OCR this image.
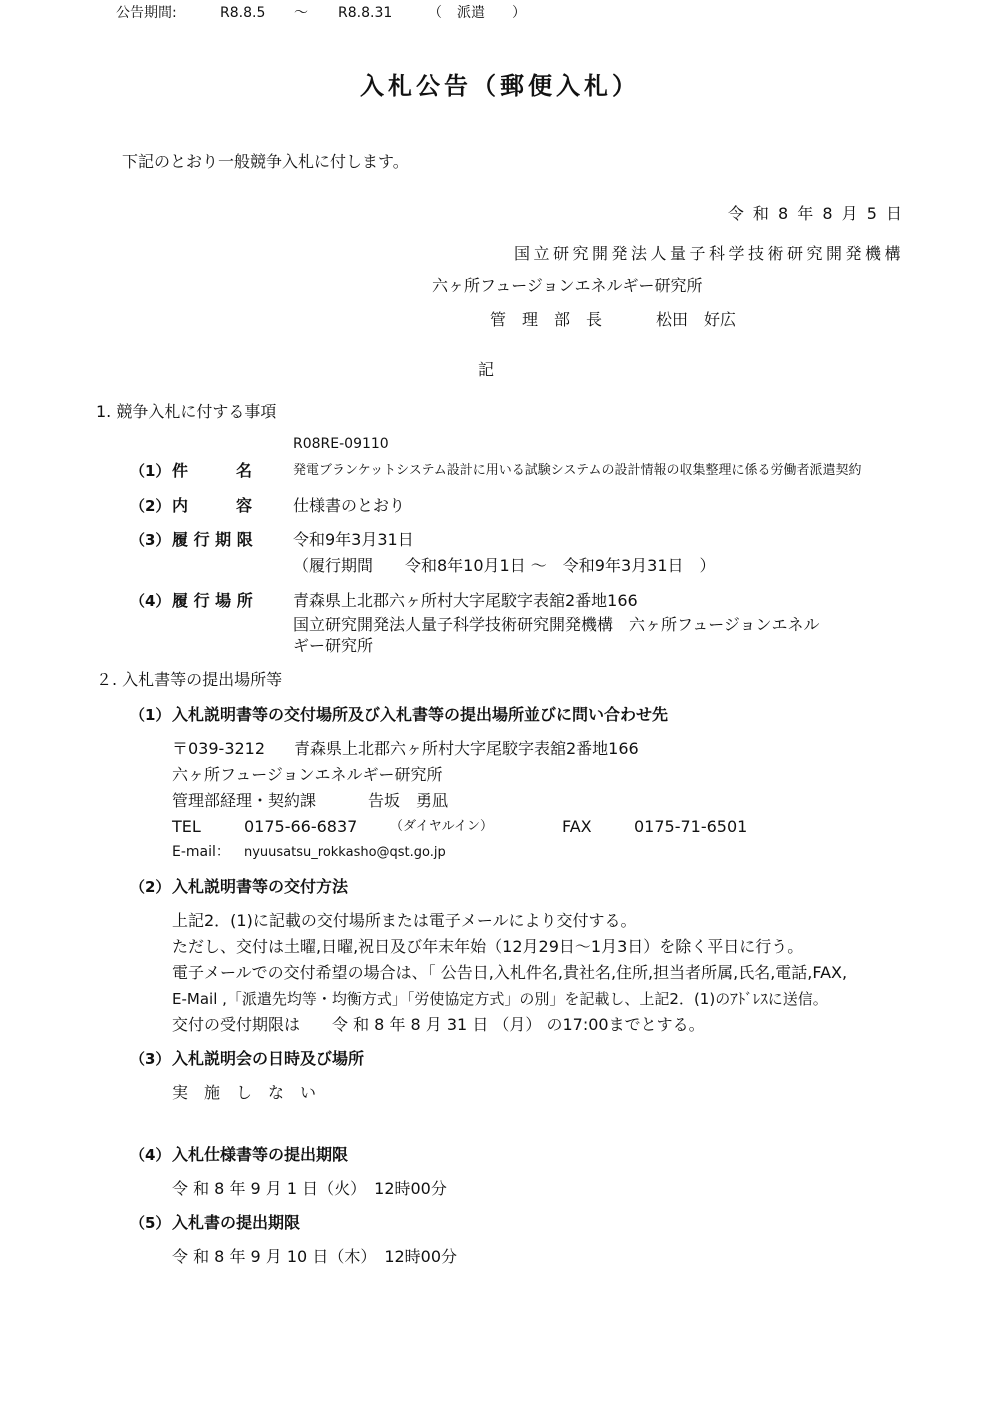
公告期間:	R8.8.5 ～ R8.8.31	（ 派遣 ）
入札公告（郵便入札）
下記のとおり一般競争入札に付します。
令 和 8 年 8 月 5 日
国立研究開発法人量子科学技術研究開発機構
六ヶ所フュージョンエネルギー研究所
管　理　部　長	松田　好広
記
1. 競争入札に付する事項
R08RE-09110
（1） 件　　　名	発電ブランケットシステム設計に用いる試験システムの設計情報の収集整理に係る労働者派遣契約
（2） 内　　　容	仕様書のとおり
（3） 履 行 期 限	令和9年3月31日
（履行期間　　令和8年10月1日 ～　令和9年3月31日　）
（4） 履 行 場 所	青森県上北郡六ヶ所村大字尾駮字表舘2番地166
国立研究開発法人量子科学技術研究開発機構　六ヶ所フュージョンエネル
ギー研究所
２. 入札書等の提出場所等
（1） 入札説明書等の交付場所及び入札書等の提出場所並びに問い合わせ先
〒039-3212 青森県上北郡六ヶ所村大字尾駮字表舘2番地166
六ヶ所フュージョンエネルギー研究所
管理部経理・契約課	告坂　勇凪
TEL	0175-66-6837	（ダイヤルイン）	FAX	0175-71-6501
E-mail： nyuusatsu_rokkasho@qst.go.jp
（2） 入札説明書等の交付方法
上記2．(1)に記載の交付場所または電子メールにより交付する。
ただし、交付は土曜,日曜,祝日及び年末年始（12月29日～1月3日）を除く平日に行う。
電子メールでの交付希望の場合は、「 公告日,入札件名,貴社名,住所,担当者所属,氏名,電話,FAX,
E-Mail ,「派遣先均等・均衡方式」「労使協定方式」の別」を記載し、上記2．(1)のｱﾄﾞﾚｽに送信。
交付の受付期限は　　令 和 8 年 8 月 31 日 （月） の17:00までとする。
（3） 入札説明会の日時及び場所
実　施　し　な　い
（4） 入札仕様書等の提出期限
令 和 8 年 9 月 1 日（火）　12時00分
（5） 入札書の提出期限
令 和 8 年 9 月 10 日（木）　12時00分
